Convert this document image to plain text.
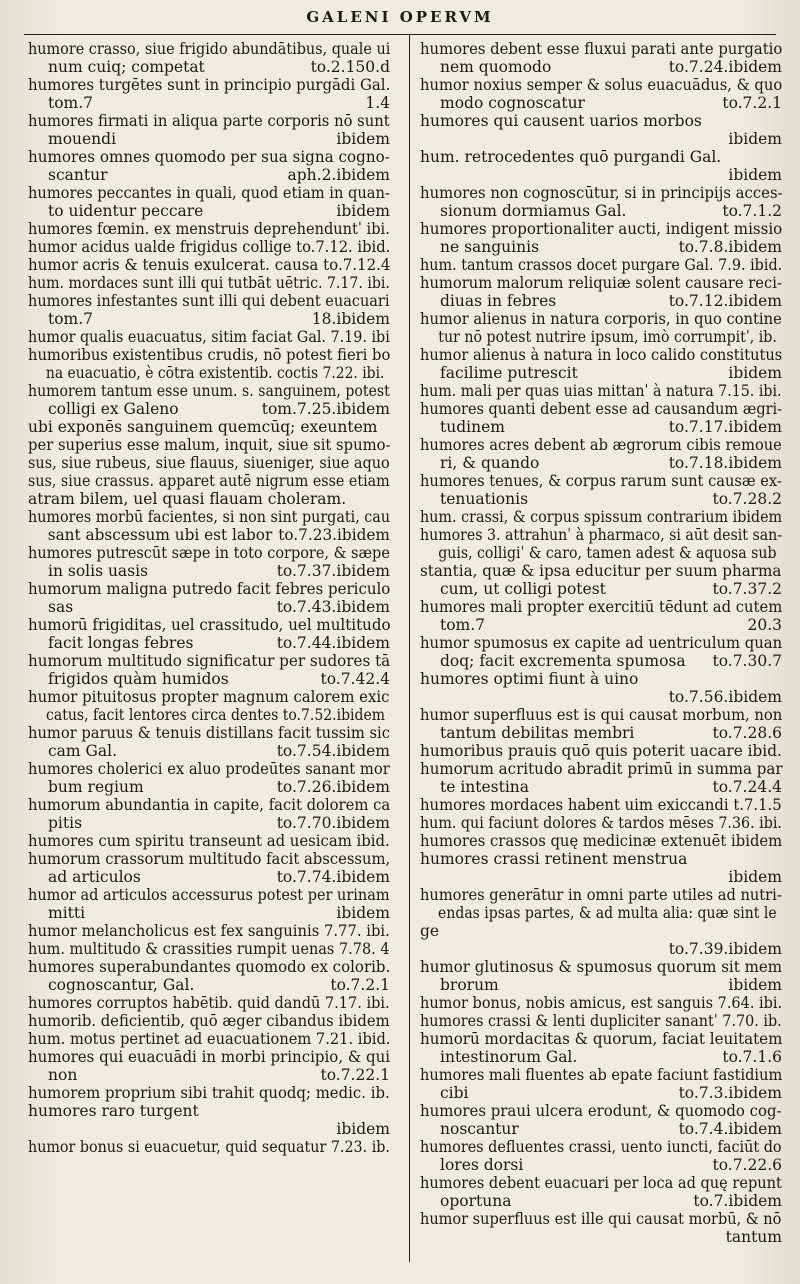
GALENI OPERVM
humore crasso, siue frigido abundātibus, quale ui
num cuiq; competat	to.2.150.d
humores turgētes sunt in principio purgādi Gal.
tom.7	1.4
humores firmati in aliqua parte corporis nō sunt
mouendi	ibidem
humores omnes quomodo per sua signa cogno-
scantur	aph.2.ibidem
humores peccantes in quali, quod etiam in quan-
to uidentur peccare	ibidem
humores fœmin. ex menstruis deprehenduntˈ ibi.
humor acidus ualde frigidus collige to.7.12. ibid.
humor acris & tenuis exulcerat. causa to.7.12.4
hum. mordaces sunt illi qui tutbāt uētric. 7.17. ibi.
humores infestantes sunt illi qui debent euacuari
tom.7	18.ibidem
humor qualis euacuatus, sitim faciat Gal. 7.19. ibi
humoribus existentibus crudis, nō potest fieri bo
na euacuatio, è cōtra existentib. coctis 7.22. ibi.
humorem tantum esse unum. s. sanguinem, potest
colligi ex Galeno	tom.7.25.ibidem
ubi exponēs sanguinem quemcūq; exeuntem
per superius esse malum, inquit, siue sit spumo-
sus, siue rubeus, siue flauus, siueniger, siue aquo
sus, siue crassus. apparet autē nigrum esse etiam
atram bilem, uel quasi flauam choleram.
humores morbū facientes, si non sint purgati, cau
sant abscessum ubi est labor to.7.23.ibidem
humores putrescūt sæpe in toto corpore, & sæpe
in solis uasis	to.7.37.ibidem
humorum maligna putredo facit febres periculo
sas	to.7.43.ibidem
humorū frigiditas, uel crassitudo, uel multitudo
facit longas febres	to.7.44.ibidem
humorum multitudo significatur per sudores tā
frigidos quàm humidos	to.7.42.4
humor pituitosus propter magnum calorem exic
catus, facit lentores circa dentes to.7.52.ibidem
humor paruus & tenuis distillans facit tussim sic
cam Gal.	to.7.54.ibidem
humores cholerici ex aluo prodeūtes sanant mor
bum regium	to.7.26.ibidem
humorum abundantia in capite, facit dolorem ca
pitis	to.7.70.ibidem
humores cum spiritu transeunt ad uesicam ibid.
humorum crassorum multitudo facit abscessum,
ad articulos	to.7.74.ibidem
humor ad articulos accessurus potest per urinam
mitti	ibidem
humor melancholicus est fex sanguinis 7.77. ibi.
hum. multitudo & crassities rumpit uenas 7.78. 4
humores superabundantes quomodo ex colorib.
cognoscantur, Gal.	to.7.2.1
humores corruptos habētib. quid dandū 7.17. ibi.
humorib. deficientib, quō æger cibandus ibidem
hum. motus pertinet ad euacuationem 7.21. ibid.
humores qui euacuādi in morbi principio, & qui
non	to.7.22.1
humorem proprium sibi trahit quodq; medic. ib.
humores raro turgent
ibidem
humor bonus si euacuetur, quid sequatur 7.23. ib.
humores debent esse fluxui parati ante purgatio
nem quomodo	to.7.24.ibidem
humor noxius semper & solus euacuādus, & quo
modo cognoscatur	to.7.2.1
humores qui causent uarios morbos
ibidem
hum. retrocedentes quō purgandi Gal.
ibidem
humores non cognoscūtur, si in principijs acces-
sionum dormiamus Gal.	to.7.1.2
humores proportionaliter aucti, indigent missio
ne sanguinis	to.7.8.ibidem
hum. tantum crassos docet purgare Gal. 7.9. ibid.
humorum malorum reliquiæ solent causare reci-
diuas in febres	to.7.12.ibidem
humor alienus in natura corporis, in quo contine
tur nō potest nutrire ipsum, imò corrumpitˈ, ib.
humor alienus à natura in loco calido constitutus
facilime putrescit	ibidem
hum. mali per quas uias mittanˈ à natura 7.15. ibi.
humores quanti debent esse ad causandum ægri-
tudinem	to.7.17.ibidem
humores acres debent ab ægrorum cibis remoue
ri, & quando	to.7.18.ibidem
humores tenues, & corpus rarum sunt causæ ex-
tenuationis	to.7.28.2
hum. crassi, & corpus spissum contrarium ibidem
humores 3. attrahunˈ à pharmaco, si aūt desit san-
guis, colligiˈ & caro, tamen adest & aquosa sub
stantia, quæ & ipsa educitur per suum pharma
cum, ut colligi potest	to.7.37.2
humores mali propter exercitiū tēdunt ad cutem
tom.7	20.3
humor spumosus ex capite ad uentriculum quan
doq; facit excrementa spumosa	to.7.30.7
humores optimi fiunt à uino
to.7.56.ibidem
humor superfluus est is qui causat morbum, non
tantum debilitas membri	to.7.28.6
humoribus prauis quō quis poterit uacare ibid.
humorum acritudo abradit primū in summa par
te intestina	to.7.24.4
humores mordaces habent uim exiccandi t.7.1.5
hum. qui faciunt dolores & tardos mēses 7.36. ibi.
humores crassos quę medicinæ extenuēt ibidem
humores crassi retinent menstrua
ibidem
humores generātur in omni parte utiles ad nutri-
endas ipsas partes, & ad multa alia: quæ sint le
ge
to.7.39.ibidem
humor glutinosus & spumosus quorum sit mem
brorum	ibidem
humor bonus, nobis amicus, est sanguis 7.64. ibi.
humores crassi & lenti dupliciter sanantˈ 7.70. ib.
humorū mordacitas & quorum, faciat leuitatem
intestinorum Gal.	to.7.1.6
humores mali fluentes ab epate faciunt fastidium
cibi	to.7.3.ibidem
humores praui ulcera erodunt, & quomodo cog-
noscantur	to.7.4.ibidem
humores defluentes crassi, uento iuncti, faciūt do
lores dorsi	to.7.22.6
humores debent euacuari per loca ad quę repunt
oportuna	to.7.ibidem
humor superfluus est ille qui causat morbū, & nō
tantum
